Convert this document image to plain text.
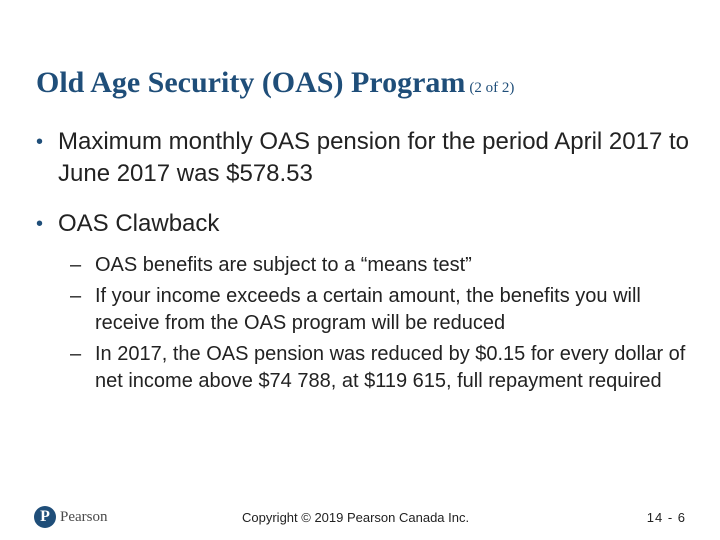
Old Age Security (OAS) Program (2 of 2)
• Maximum monthly OAS pension for the period April 2017 to June 2017 was $578.53
• OAS Clawback
– OAS benefits are subject to a “means test”
– If your income exceeds a certain amount, the benefits you will receive from the OAS program will be reduced
– In 2017, the OAS pension was reduced by $0.15 for every dollar of net income above $74 788, at $119 615, full repayment required
P Pearson	Copyright © 2019 Pearson Canada Inc.	14 - 6
